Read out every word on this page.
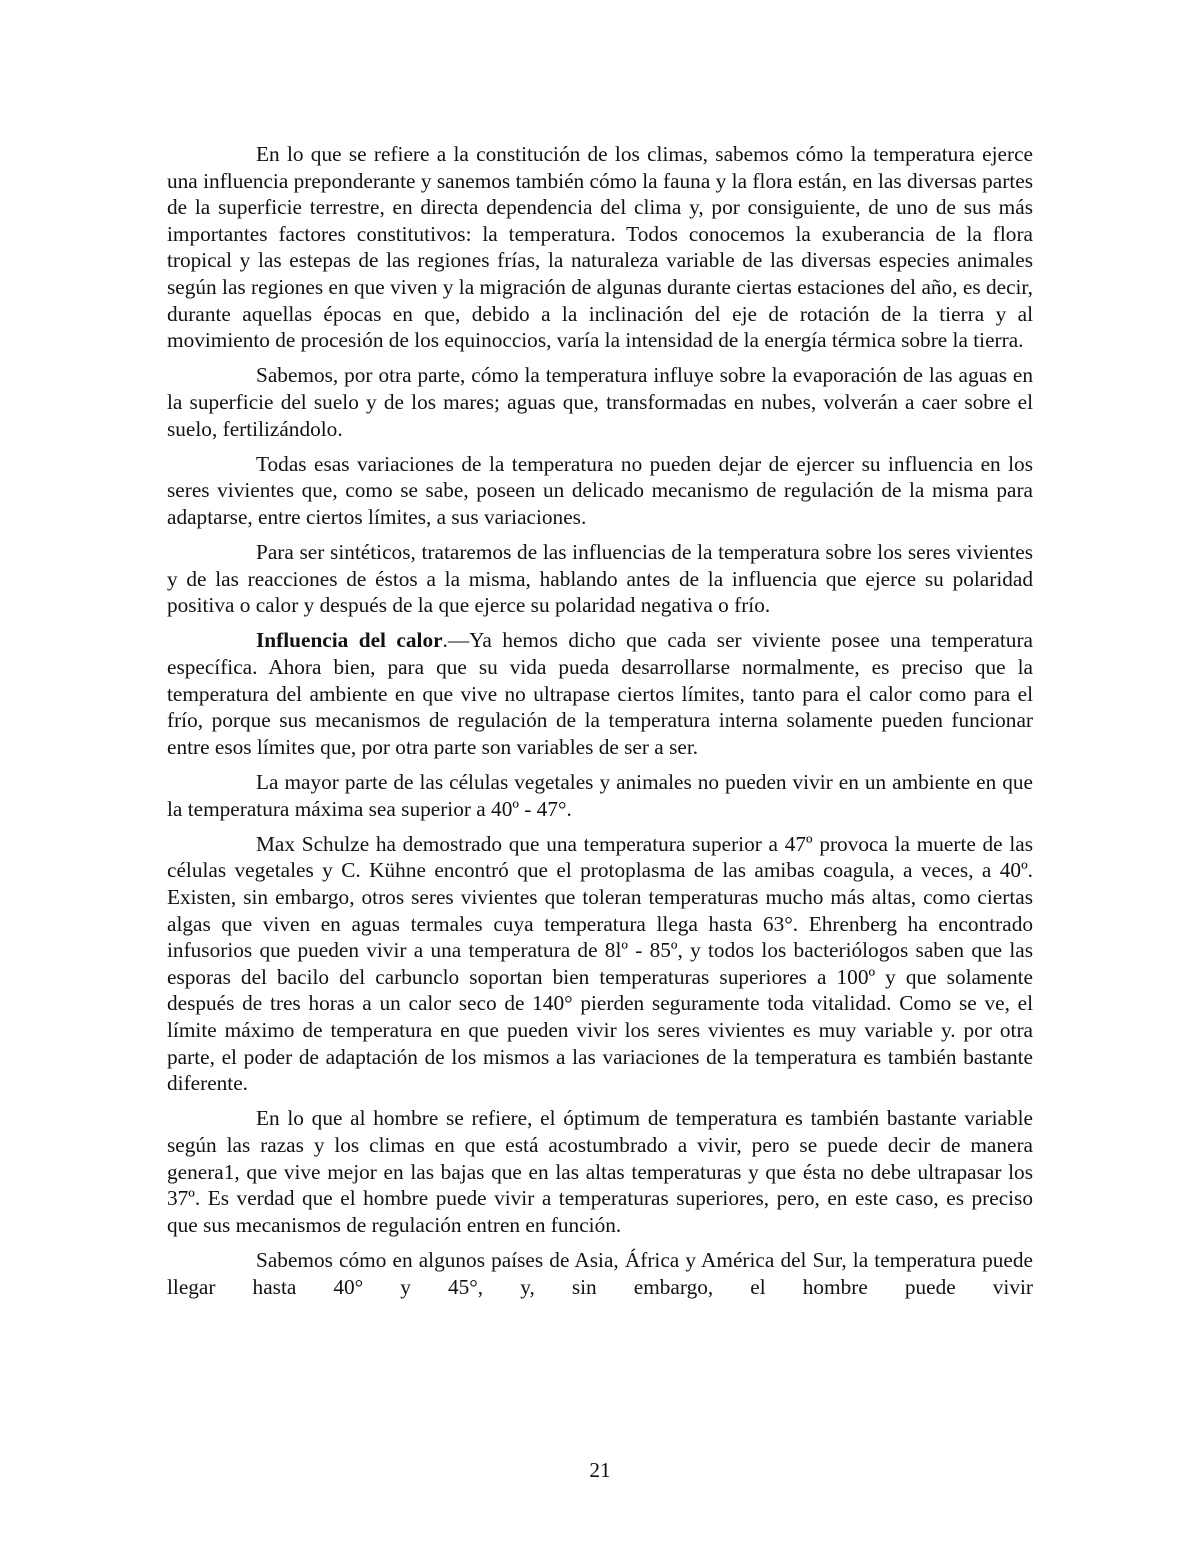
En lo que se refiere a la constitución de los climas, sabemos cómo la temperatura ejerce una influencia preponderante y sanemos también cómo la fauna y la flora están, en las diversas partes de la superficie terrestre, en directa dependencia del clima y, por consiguiente, de uno de sus más importantes factores constitutivos: la temperatura. Todos conocemos la exuberancia de la flora tropical y las estepas de las regiones frías, la naturaleza variable de las diversas especies animales según las regiones en que viven y la migración de algunas durante ciertas estaciones del año, es decir, durante aquellas épocas en que, debido a la inclinación del eje de rotación de la tierra y al movimiento de procesión de los equinoccios, varía la intensidad de la energía térmica sobre la tierra.

Sabemos, por otra parte, cómo la temperatura influye sobre la evaporación de las aguas en la superficie del suelo y de los mares; aguas que, transformadas en nubes, volverán a caer sobre el suelo, fertilizándolo.

Todas esas variaciones de la temperatura no pueden dejar de ejercer su influencia en los seres vivientes que, como se sabe, poseen un delicado mecanismo de regulación de la misma para adaptarse, entre ciertos límites, a sus variaciones.

Para ser sintéticos, trataremos de las influencias de la temperatura sobre los seres vivientes y de las reacciones de éstos a la misma, hablando antes de la influencia que ejerce su polaridad positiva o calor y después de la que ejerce su polaridad negativa o frío.

Influencia del calor.—Ya hemos dicho que cada ser viviente posee una temperatura específica. Ahora bien, para que su vida pueda desarrollarse normalmente, es preciso que la temperatura del ambiente en que vive no ultrapase ciertos límites, tanto para el calor como para el frío, porque sus mecanismos de regulación de la temperatura interna solamente pueden funcionar entre esos límites que, por otra parte son variables de ser a ser.

La mayor parte de las células vegetales y animales no pueden vivir en un ambiente en que la temperatura máxima sea superior a 40º - 47°.

Max Schulze ha demostrado que una temperatura superior a 47º provoca la muerte de las células vegetales y C. Kühne encontró que el protoplasma de las amibas coagula, a veces, a 40º. Existen, sin embargo, otros seres vivientes que toleran temperaturas mucho más altas, como ciertas algas que viven en aguas termales cuya temperatura llega hasta 63°. Ehrenberg ha encontrado infusorios que pueden vivir a una temperatura de 8lº - 85º, y todos los bacteriólogos saben que las esporas del bacilo del carbunclo soportan bien temperaturas superiores a 100º y que solamente después de tres horas a un calor seco de 140° pierden seguramente toda vitalidad. Como se ve, el límite máximo de temperatura en que pueden vivir los seres vivientes es muy variable y. por otra parte, el poder de adaptación de los mismos a las variaciones de la temperatura es también bastante diferente.

En lo que al hombre se refiere, el óptimum de temperatura es también bastante variable según las razas y los climas en que está acostumbrado a vivir, pero se puede decir de manera genera1, que vive mejor en las bajas que en las altas temperaturas y que ésta no debe ultrapasar los 37º. Es verdad que el hombre puede vivir a temperaturas superiores, pero, en este caso, es preciso que sus mecanismos de regulación entren en función.

Sabemos cómo en algunos países de Asia, África y América del Sur, la temperatura puede llegar hasta 40° y 45°, y, sin embargo, el hombre puede vivir

21
